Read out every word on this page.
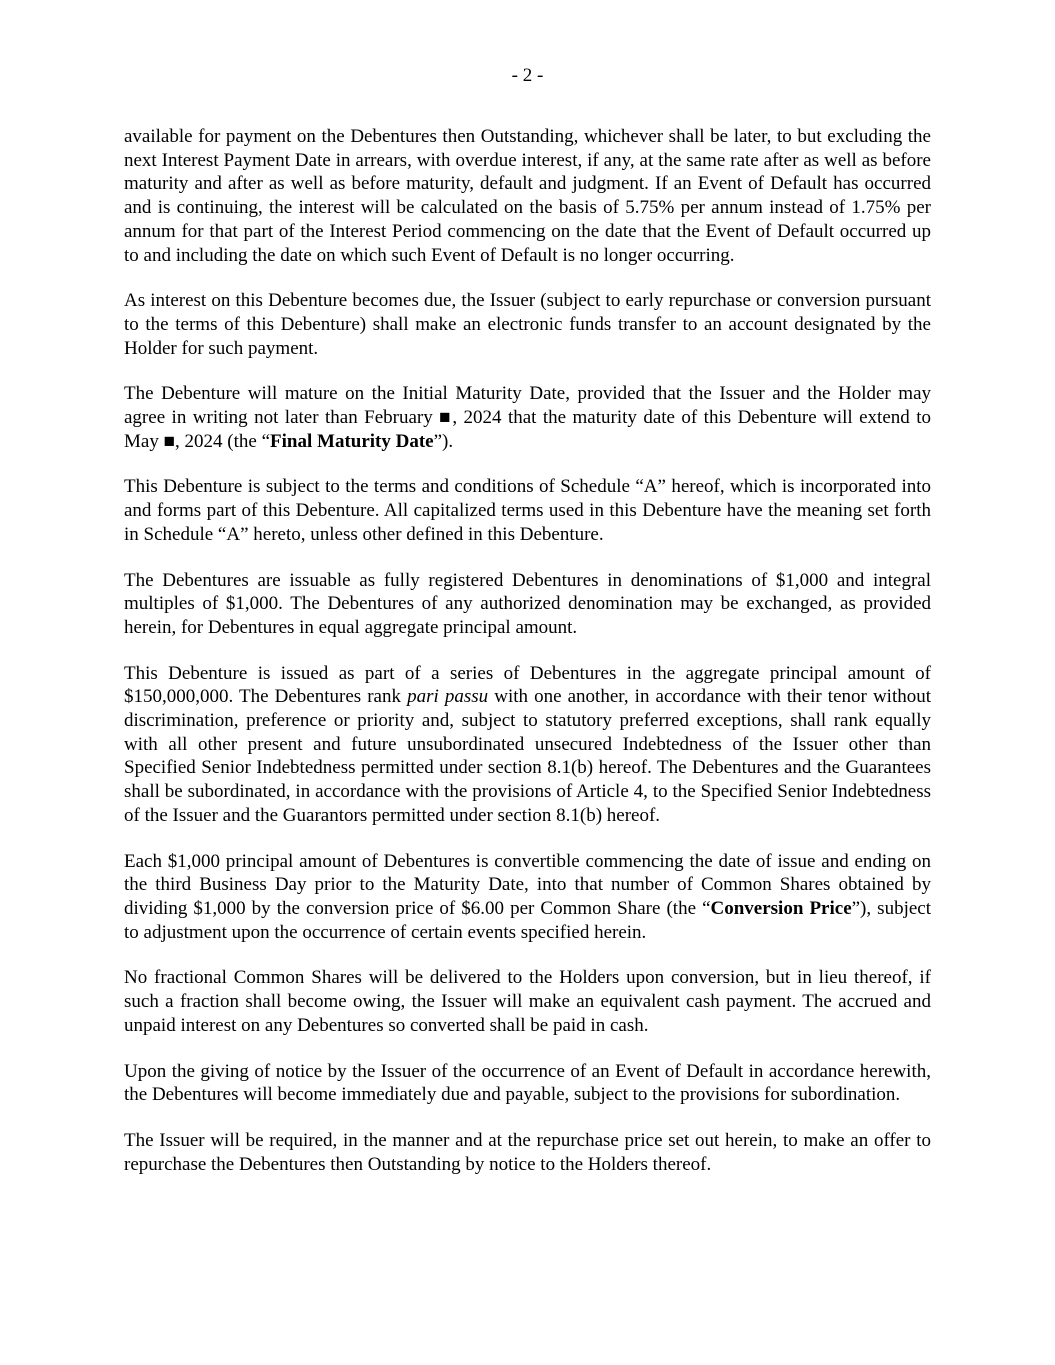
- 2 -

available for payment on the Debentures then Outstanding, whichever shall be later, to but excluding the next Interest Payment Date in arrears, with overdue interest, if any, at the same rate after as well as before maturity and after as well as before maturity, default and judgment. If an Event of Default has occurred and is continuing, the interest will be calculated on the basis of 5.75% per annum instead of 1.75% per annum for that part of the Interest Period commencing on the date that the Event of Default occurred up to and including the date on which such Event of Default is no longer occurring.

As interest on this Debenture becomes due, the Issuer (subject to early repurchase or conversion pursuant to the terms of this Debenture) shall make an electronic funds transfer to an account designated by the Holder for such payment.

The Debenture will mature on the Initial Maturity Date, provided that the Issuer and the Holder may agree in writing not later than February ■, 2024 that the maturity date of this Debenture will extend to May ■, 2024 (the “Final Maturity Date”).

This Debenture is subject to the terms and conditions of Schedule “A” hereof, which is incorporated into and forms part of this Debenture. All capitalized terms used in this Debenture have the meaning set forth in Schedule “A” hereto, unless other defined in this Debenture.

The Debentures are issuable as fully registered Debentures in denominations of $1,000 and integral multiples of $1,000. The Debentures of any authorized denomination may be exchanged, as provided herein, for Debentures in equal aggregate principal amount.

This Debenture is issued as part of a series of Debentures in the aggregate principal amount of $150,000,000. The Debentures rank pari passu with one another, in accordance with their tenor without discrimination, preference or priority and, subject to statutory preferred exceptions, shall rank equally with all other present and future unsubordinated unsecured Indebtedness of the Issuer other than Specified Senior Indebtedness permitted under section 8.1(b) hereof. The Debentures and the Guarantees shall be subordinated, in accordance with the provisions of Article 4, to the Specified Senior Indebtedness of the Issuer and the Guarantors permitted under section 8.1(b) hereof.

Each $1,000 principal amount of Debentures is convertible commencing the date of issue and ending on the third Business Day prior to the Maturity Date, into that number of Common Shares obtained by dividing $1,000 by the conversion price of $6.00 per Common Share (the “Conversion Price”), subject to adjustment upon the occurrence of certain events specified herein.

No fractional Common Shares will be delivered to the Holders upon conversion, but in lieu thereof, if such a fraction shall become owing, the Issuer will make an equivalent cash payment. The accrued and unpaid interest on any Debentures so converted shall be paid in cash.

Upon the giving of notice by the Issuer of the occurrence of an Event of Default in accordance herewith, the Debentures will become immediately due and payable, subject to the provisions for subordination.

The Issuer will be required, in the manner and at the repurchase price set out herein, to make an offer to repurchase the Debentures then Outstanding by notice to the Holders thereof.
